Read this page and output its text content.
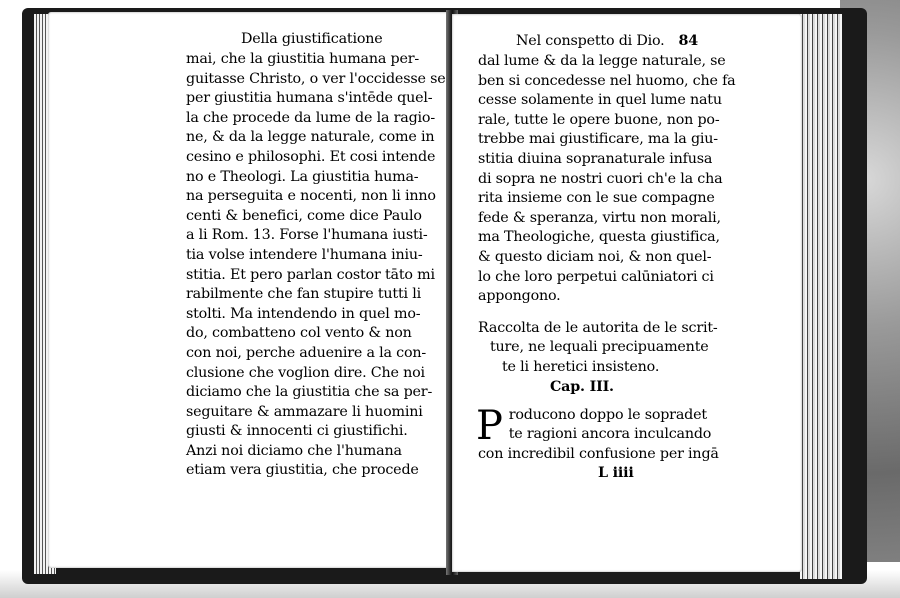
Della giustificatione
mai, che la giustitia humana per-
guitasse Christo, o ver l'occidesse se
per giustitia humana s'intēde quel-
la che procede da lume de la ragio-
ne, & da la legge naturale, come in
cesino e philosophi. Et cosi intende
no e Theologi. La giustitia huma-
na perseguita e nocenti, non li inno
centi & benefici, come dice Paulo
a li Rom. 13. Forse l'humana iusti-
tia volse intendere l'humana iniu-
stitia. Et pero parlan costor tāto mi
rabilmente che fan stupire tutti li
stolti. Ma intendendo in quel mo-
do, combatteno col vento & non
con noi, perche aduenire a la con-
clusione che voglion dire. Che noi
diciamo che la giustitia che sa per-
seguitare & ammazare li huomini
giusti & innocenti ci giustifichi.
Anzi noi diciamo che l'humana
etiam vera giustitia, che procede
Nel conspetto di Dio. 84
dal lume & da la legge naturale, se
ben si concedesse nel huomo, che fa
cesse solamente in quel lume natu
rale, tutte le opere buone, non po-
trebbe mai giustificare, ma la giu-
stitia diuina sopranaturale infusa
di sopra ne nostri cuori ch'e la cha
rita insieme con le sue compagne
fede & speranza, virtu non morali,
ma Theologiche, questa giustifica,
& questo diciam noi, & non quel-
lo che loro perpetui calūniatori ci
appongono.
Raccolta de le autorita de le scrit-
ture, ne lequali precipuamente
te li heretici insisteno.
Cap. III.
P roducono doppo le sopradet
te ragioni ancora inculcando
con incredibil confusione per ingā
L iiii
